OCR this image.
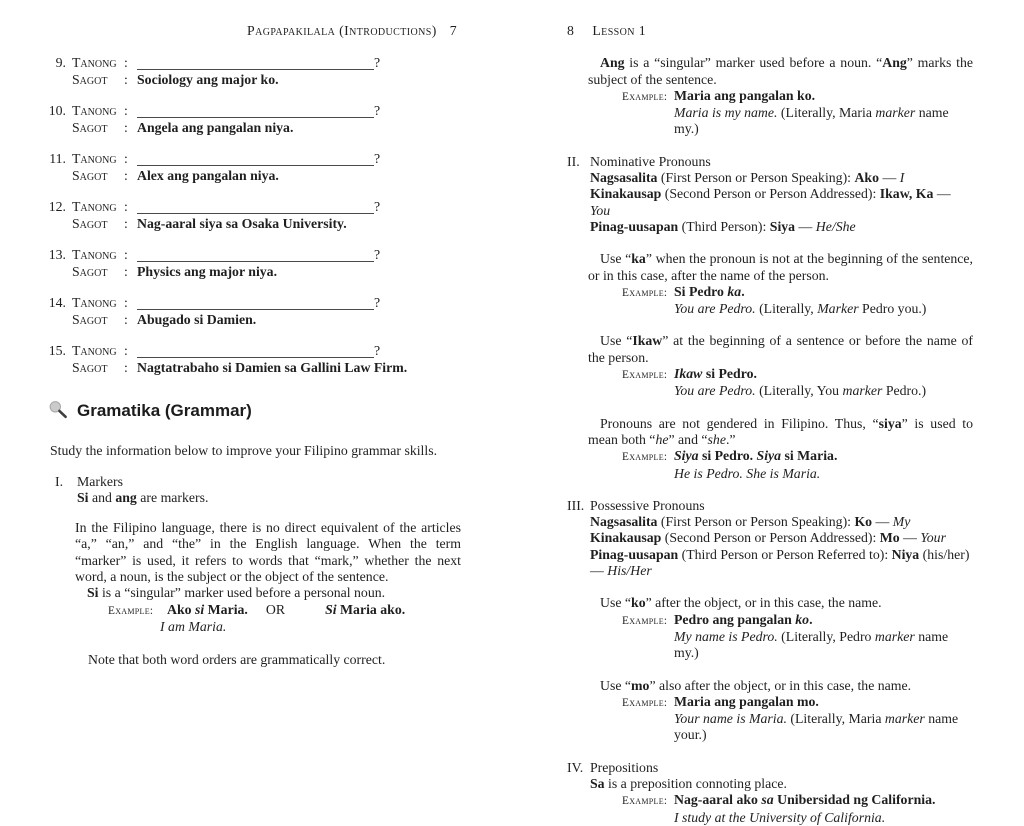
Pagpapakilala (Introductions) 7
9. Tanong :	?
Sagot	: Sociology ang major ko.
10. Tanong :	?
Sagot	: Angela ang pangalan niya.
11. Tanong :	?
Sagot	: Alex ang pangalan niya.
12. Tanong :	?
Sagot	: Nag-aaral siya sa Osaka University.
13. Tanong :	?
Sagot	: Physics ang major niya.
14. Tanong :	?
Sagot	: Abugado si Damien.
15. Tanong :	?
Sagot	: Nagtatrabaho si Damien sa Gallini Law Firm.
Gramatika (Grammar)
Study the information below to improve your Filipino grammar skills.
I.	Markers
Si and ang are markers.
In the Filipino language, there is no direct equivalent of the articles “a,” “an,” and “the” in the English language. When the term “marker” is used, it refers to words that “mark,” whether the next word, a noun, is the subject or the object of the sentence.
Si is a “singular” marker used before a personal noun.
Example: Ako si Maria. OR	Si Maria ako.
I am Maria.
Note that both word orders are grammatically correct.
8 Lesson 1
Ang is a “singular” marker used before a noun. “Ang” marks the subject of the sentence.
Example: Maria ang pangalan ko.
Maria is my name. (Literally, Maria marker name my.)
II. Nominative Pronouns
Nagsasalita (First Person or Person Speaking): Ako — I
Kinakausap (Second Person or Person Addressed): Ikaw, Ka — You
Pinag-uusapan (Third Person): Siya — He/She
Use “ka” when the pronoun is not at the beginning of the sentence, or in this case, after the name of the person.
Example: Si Pedro ka.
You are Pedro. (Literally, Marker Pedro you.)
Use “Ikaw” at the beginning of a sentence or before the name of the person.
Example: Ikaw si Pedro.
You are Pedro. (Literally, You marker Pedro.)
Pronouns are not gendered in Filipino. Thus, “siya” is used to mean both “he” and “she.”
Example: Siya si Pedro. Siya si Maria.
He is Pedro. She is Maria.
III. Possessive Pronouns
Nagsasalita (First Person or Person Speaking): Ko — My
Kinakausap (Second Person or Person Addressed): Mo — Your
Pinag-uusapan (Third Person or Person Referred to): Niya (his/her) — His/Her
Use “ko” after the object, or in this case, the name.
Example: Pedro ang pangalan ko.
My name is Pedro. (Literally, Pedro marker name my.)
Use “mo” also after the object, or in this case, the name.
Example: Maria ang pangalan mo.
Your name is Maria. (Literally, Maria marker name your.)
IV. Prepositions
Sa is a preposition connoting place.
Example: Nag-aaral ako sa Unibersidad ng California.
I study at the University of California.
